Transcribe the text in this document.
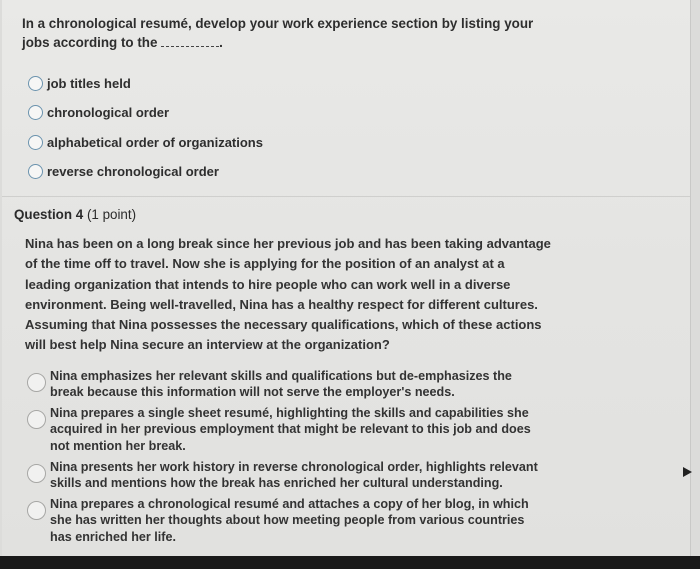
In a chronological resumé, develop your work experience section by listing your jobs according to the	.
job titles held
chronological order
alphabetical order of organizations
reverse chronological order
Question 4 (1 point)
Nina has been on a long break since her previous job and has been taking advantage of the time off to travel. Now she is applying for the position of an analyst at a leading organization that intends to hire people who can work well in a diverse environment. Being well-travelled, Nina has a healthy respect for different cultures. Assuming that Nina possesses the necessary qualifications, which of these actions will best help Nina secure an interview at the organization?
Nina emphasizes her relevant skills and qualifications but de-emphasizes the break because this information will not serve the employer's needs.
Nina prepares a single sheet resumé, highlighting the skills and capabilities she acquired in her previous employment that might be relevant to this job and does not mention her break.
Nina presents her work history in reverse chronological order, highlights relevant skills and mentions how the break has enriched her cultural understanding.
Nina prepares a chronological resumé and attaches a copy of her blog, in which she has written her thoughts about how meeting people from various countries has enriched her life.
